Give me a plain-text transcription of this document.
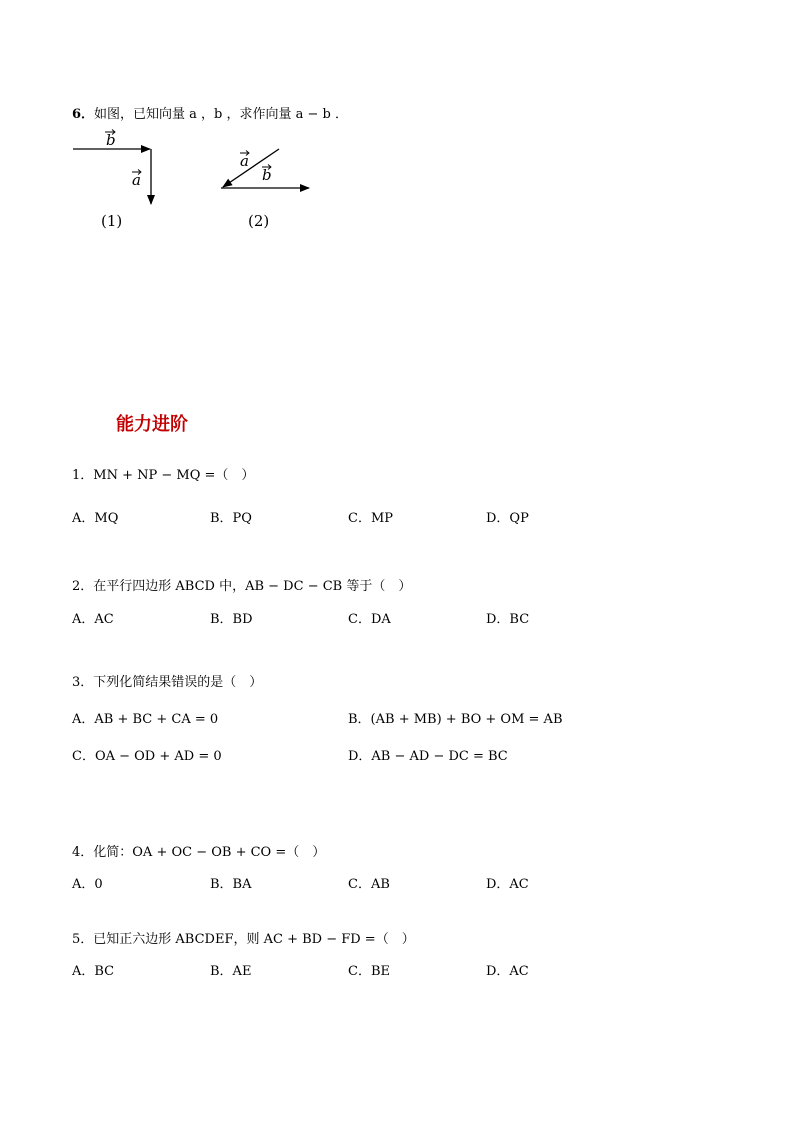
6．如图，已知向量 a ，b ，求作向量 a − b ．
b
a
(1)
a
b
(2)
能力进阶
1．MN + NP − MQ =（　）
A．MQ	B．PQ	C．MP	D．QP
2．在平行四边形 ABCD 中，AB − DC − CB 等于（　）
A．AC	B．BD	C．DA	D．BC
3．下列化简结果错误的是（　）
A．AB + BC + CA = 0	B．(AB + MB) + BO + OM = AB
C．OA − OD + AD = 0	D．AB − AD − DC = BC
4．化简：OA + OC − OB + CO =（　）
A．0	B．BA	C．AB	D．AC
5．已知正六边形 ABCDEF，则 AC + BD − FD =（　）
A．BC	B．AE	C．BE	D．AC
